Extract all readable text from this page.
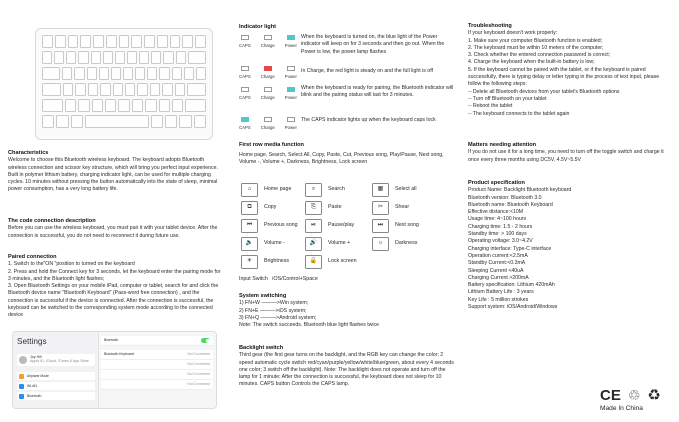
Characteristics

Welcome to choose this Bluetooth wireless keyboard. The keyboard adopts Bluetooth wireless connection and scissor key structure, which will bring you perfect input experience. Built in polymer lithium battery, charging indicator light, can be used for multiple charging cycles. 10 minutes without pressing the button automatically into the state of sleep, minimal power consumption, has a very long battery life.

The code connection description

Before you can use the wireless keyboard, you must pair it with your tablet device. After the connection is successful, you do not need to reconnect it during future use.

Paired connection

1. Switch to the"ON "position to turned on the keyboard

2. Press and hold the Connect key for 3 seconds, let the keyboard enter the pairing mode for 3 minutes, and the Bluetooth light flashes;

3. Open Bluetooth Settings on your mobile iPad, computer or tablet, search for and click the Bluetooth device name "Bluetooth Keyboard" (Pass-word free connection) , and the connection is successful if the device is connected. After the connection is successful, the keyboard can be switched to the corresponding system mode according to the connected device

Settings
Joy Hill
Apple ID, iCloud, iTunes & App Store
Airplane Mode
WLAN
Bluetooth
Bluetooth
Bluetooth Keyboard	Not Connected
Not Connected
Not Connected
Not Connected

Indicator light

CAPS Charge Power

When the keyboard is turned on, the blue light of the Power indicator will keep on for 3 seconds and then go out. When the Power is low, the power lamp flashes

CAPS Charge Power

In Charge, the red light is steady on and the full light is off

CAPS Charge Power

When the keyboard is ready for pairing, the Bluetooth indicator will blink and the pairing status will last for 3 minutes.

CAPS Charge Power

The CAPS indicator lights up when the keyboard caps lock

First row media function

Home page, Search, Select All, Copy, Paste, Cut, Previous song, Play/Pause, Next song, Volume -, Volume +, Darkness, Brightness, Lock screen

⌂	Home page	⌕	Search	▦	Select all
⧉	Copy	⎘	Paste	✂	Shear
⏮	Previous song	⏯	Pause/play	⏭	Next song
🔉	Volume -	🔊	Volume +	☼	Darkness
☀	Brightness	🔒	Lock screen
Input Switch iOS/Control+Space

System switching

1) FN+W ———>Win system;

2) FN+E ———>iOS system;

3) FN+Q ———>Android system;

Note: The switch succeeds. Bluetooth blue light flashes twice

Backlight switch

Third gear (the first gear turns on the backlight, and the RGB key can change the color; 2 speed automatic cycle switch red/cyan/purple/yellow/white/blue/green, about every 4 seconds one color; 3 switch off the backlight). Note: The backlight does not operate and turn off the lamp for 1 minute; After the connection is successful, the keyboard does not sleep for 10 minutes. CAPS button Controls the CAPS lamp.

Troubleshooting

If your keyboard doesn't work properly:

1. Make sure your computer Bluetooth function is enabled;

2. The keyboard must be within 10 meters of the computer;

3. Check whether the entered connection password is correct;

4. Charge the keyboard when the built-in battery is low;

5. If the keyboard cannot be paired with the tablet, or if the keyboard is paired successfully, there is typing delay or letter typing in the process of text input, please follow the following steps:

-- Delete all Bluetooth devices from your tablet's Bluetooth options

-- Turn off Bluetooth on your tablet

-- Reboot the tablet

-- The keyboard connects to the tablet again

Matters needing attention

If you do not use it for a long time, you need to turn off the toggle switch and charge it once every three months using DC5V, 4.5V~5.5V

Product specification

Product Name: Backlight Bluetooth keyboard

Bluetooth version: Bluetooth 3.0

Bluetooth name: Bluetooth Keyboard

Effective distance:<10M

Usage time: 4~100 hours

Charging time: 1.5 - 2 hours

Standby time: > 100 days

Operating voltage: 3.0~4.2V

Charging interface: Type-C interface

Operation current:<2.5mA

Standby Current:<0.3mA

Sleeping Current <40uA

Charging Current >200mA

Battery specification: Lithium 420mAh

Lithium Battery Life : 3 years

Key Life : 5 million strokes

Support system: iOS/Android/Windows

CE ♲ ♻
Made In China
